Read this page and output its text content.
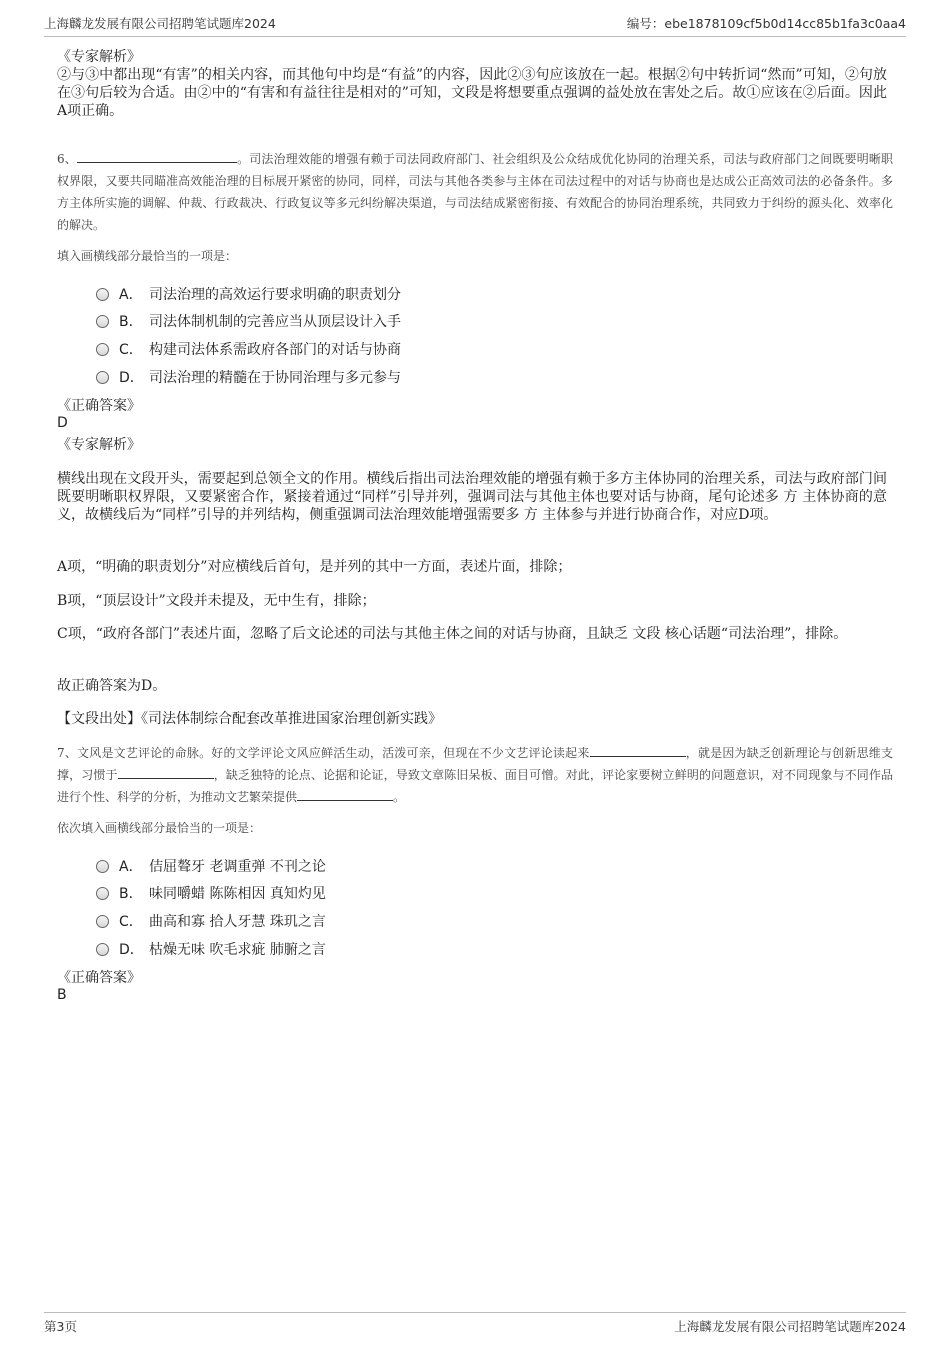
上海麟龙发展有限公司招聘笔试题库2024	编号：ebe1878109cf5b0d14cc85b1fa3c0aa4
《专家解析》
②与③中都出现“有害”的相关内容，而其他句中均是“有益”的内容，因此②③句应该放在一起。根据②句中转折词“然而”可知，②句放在③句后较为合适。由②中的“有害和有益往往是相对的”可知，文段是将想要重点强调的益处放在害处之后。故①应该在②后面。因此A项正确。
6、	。司法治理效能的增强有赖于司法同政府部门、社会组织及公众结成优化协同的治理关系，司法与政府部门之间既要明晰职权界限，又要共同瞄准高效能治理的目标展开紧密的协同，同样，司法与其他各类参与主体在司法过程中的对话与协商也是达成公正高效司法的必备条件。多方主体所实施的调解、仲裁、行政裁决、行政复议等多元纠纷解决渠道，与司法结成紧密衔接、有效配合的协同治理系统，共同致力于纠纷的源头化、效率化的解决。
填入画横线部分最恰当的一项是：
A． 司法治理的高效运行要求明确的职责划分
B． 司法体制机制的完善应当从顶层设计入手
C． 构建司法体系需政府各部门的对话与协商
D． 司法治理的精髓在于协同治理与多元参与
《正确答案》
D
《专家解析》
横线出现在文段开头，需要起到总领全文的作用。横线后指出司法治理效能的增强有赖于多方主体协同的治理关系，司法与政府部门间既要明晰职权界限，又要紧密合作，紧接着通过“同样”引导并列，强调司法与其他主体也要对话与协商，尾句论述多 方 主体协商的意义，故横线后为“同样”引导的并列结构，侧重强调司法治理效能增强需要多 方 主体参与并进行协商合作，对应D项。
A项，“明确的职责划分”对应横线后首句，是并列的其中一方面，表述片面，排除；
B项，“顶层设计”文段并未提及，无中生有，排除；
C项，“政府各部门”表述片面，忽略了后文论述的司法与其他主体之间的对话与协商，且缺乏 文段 核心话题“司法治理”，排除。
故正确答案为D。
【文段出处】《司法体制综合配套改革推进国家治理创新实践》
7、文风是文艺评论的命脉。好的文学评论文风应鲜活生动，活泼可亲，但现在不少文艺评论读起来	，就是因为缺乏创新理论与创新思维支撑，习惯于	，缺乏独特的论点、论据和论证，导致文章陈旧呆板、面目可憎。对此，评论家要树立鲜明的问题意识，对不同现象与不同作品进行个性、科学的分析，为推动文艺繁荣提供	。
依次填入画横线部分最恰当的一项是：
A． 佶屈聱牙 老调重弹 不刊之论
B． 味同嚼蜡 陈陈相因 真知灼见
C． 曲高和寡 拾人牙慧 珠玑之言
D． 枯燥无味 吹毛求疵 肺腑之言
《正确答案》
B
第3页	上海麟龙发展有限公司招聘笔试题库2024
